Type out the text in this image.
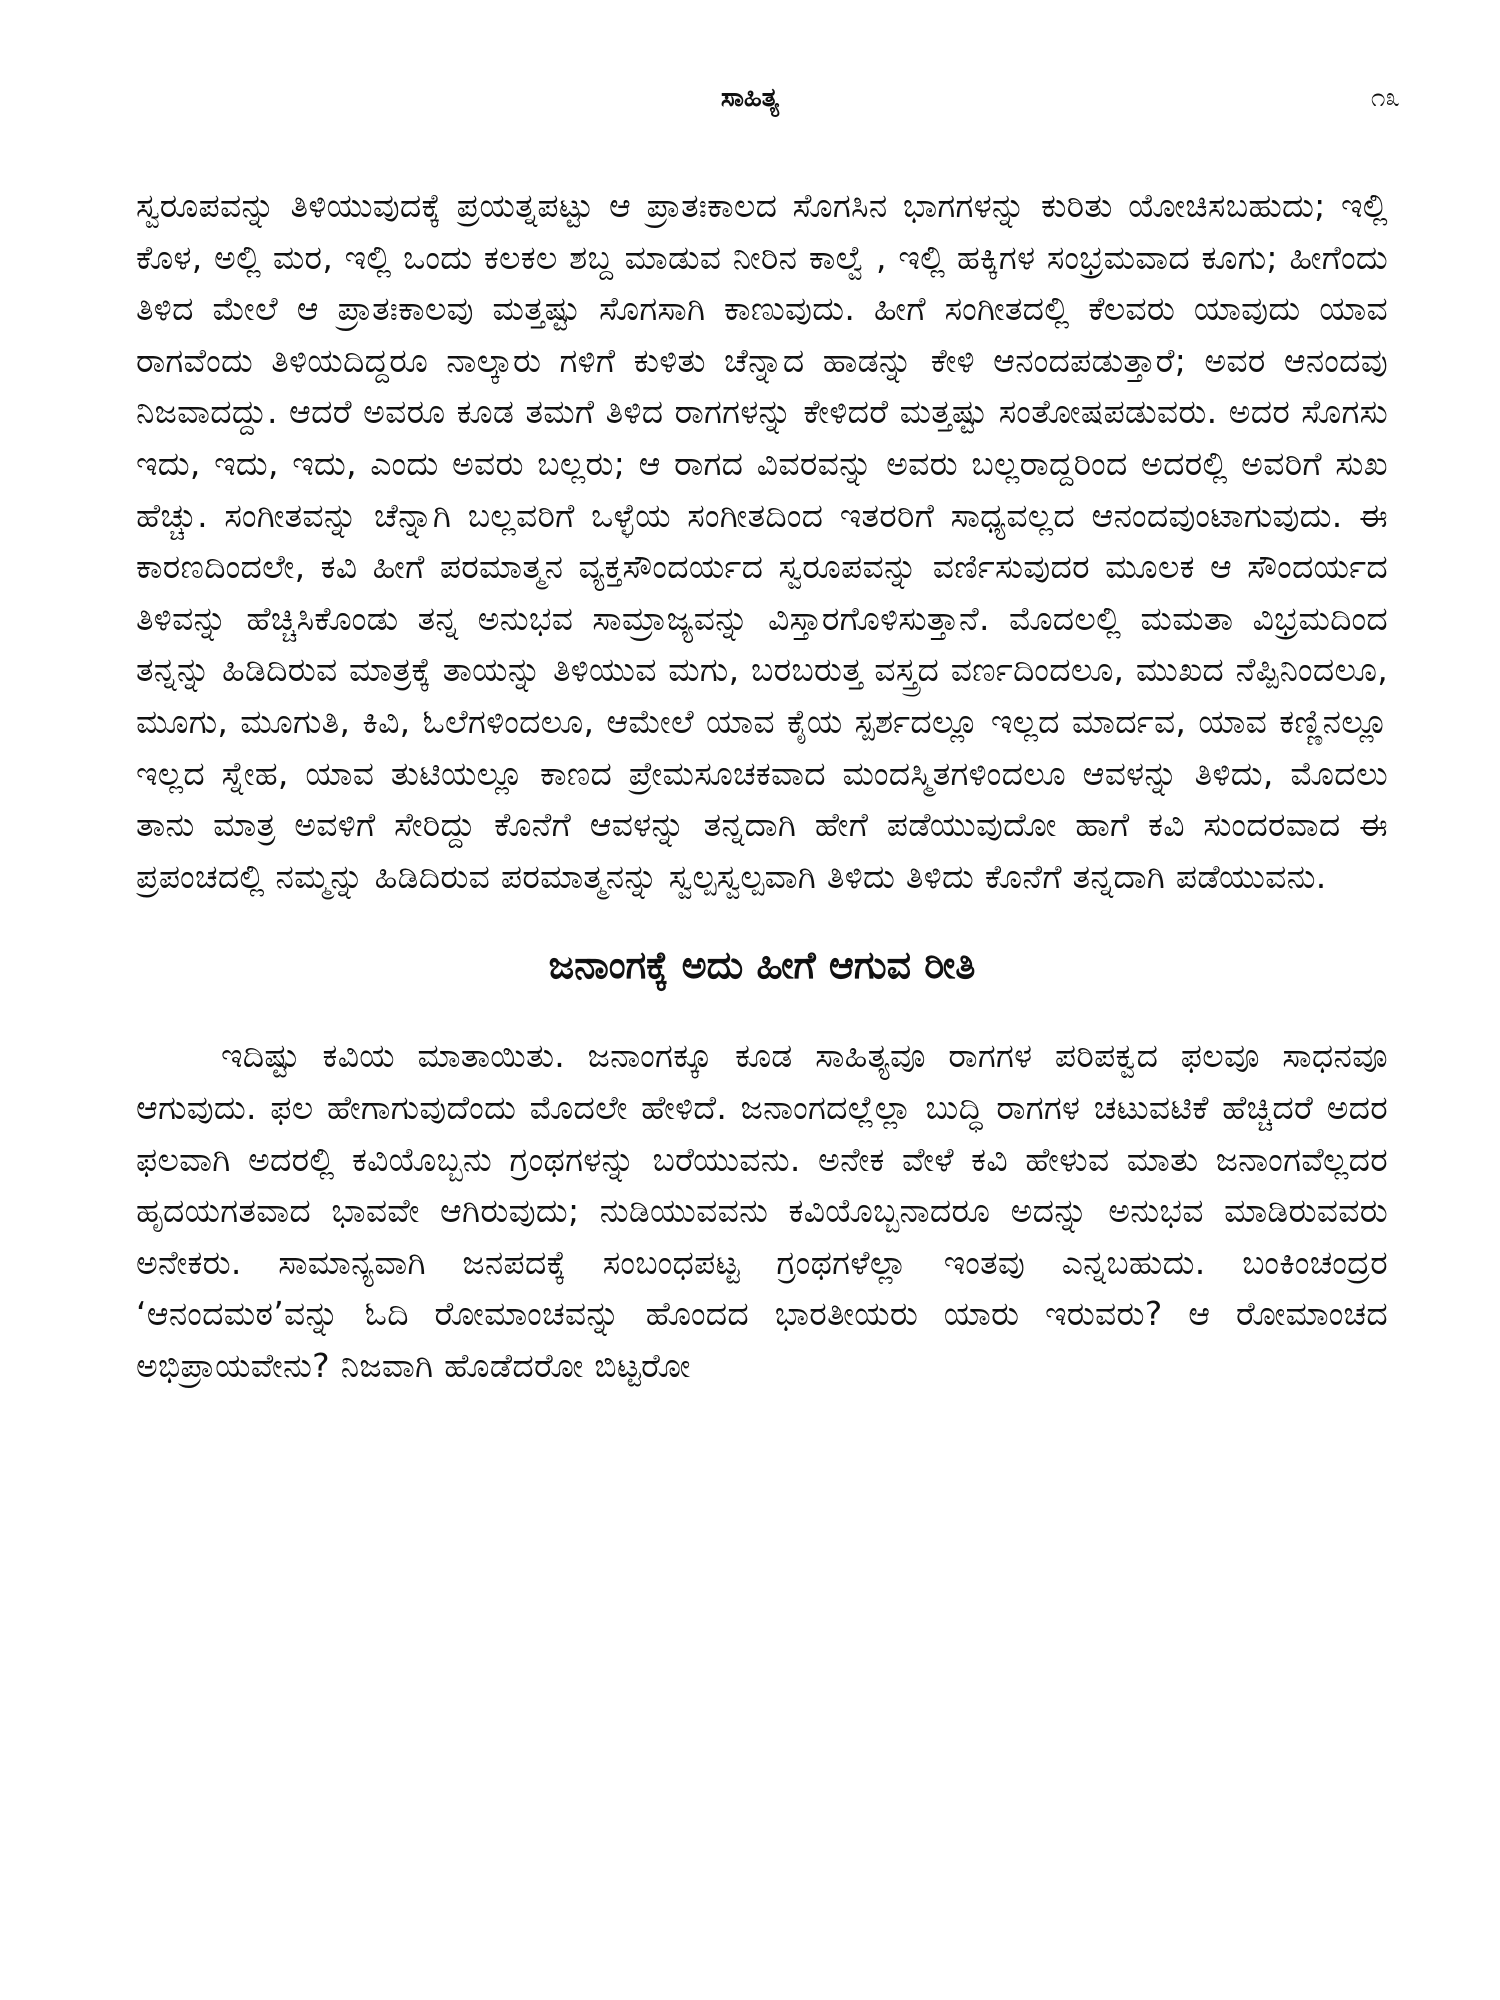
ಸಾಹಿತ್ಯ	೧೩

ಸ್ವರೂಪವನ್ನು ತಿಳಿಯುವುದಕ್ಕೆ ಪ್ರಯತ್ನಪಟ್ಟು ಆ ಪ್ರಾತಃಕಾಲದ ಸೊಗಸಿನ ಭಾಗಗಳನ್ನು ಕುರಿತು ಯೋಚಿಸಬಹುದು; ಇಲ್ಲಿ ಕೊಳ, ಅಲ್ಲಿ ಮರ, ಇಲ್ಲಿ ಒಂದು ಕಲಕಲ ಶಬ್ದ ಮಾಡುವ ನೀರಿನ ಕಾಲ್ವೆ , ಇಲ್ಲಿ ಹಕ್ಕಿಗಳ ಸಂಭ್ರಮವಾದ ಕೂಗು; ಹೀಗೆಂದು ತಿಳಿದ ಮೇಲೆ ಆ ಪ್ರಾತಃಕಾಲವು ಮತ್ತಷ್ಟು ಸೊಗಸಾಗಿ ಕಾಣುವುದು. ಹೀಗೆ ಸಂಗೀತದಲ್ಲಿ ಕೆಲವರು ಯಾವುದು ಯಾವ ರಾಗವೆಂದು ತಿಳಿಯದಿದ್ದರೂ ನಾಲ್ಕಾರು ಗಳಿಗೆ ಕುಳಿತು ಚೆನ್ನಾದ ಹಾಡನ್ನು ಕೇಳಿ ಆನಂದಪಡುತ್ತಾರೆ; ಅವರ ಆನಂದವು ನಿಜವಾದದ್ದು. ಆದರೆ ಅವರೂ ಕೂಡ ತಮಗೆ ತಿಳಿದ ರಾಗಗಳನ್ನು ಕೇಳಿದರೆ ಮತ್ತಷ್ಟು ಸಂತೋಷಪಡುವರು. ಅದರ ಸೊಗಸು ಇದು, ಇದು, ಇದು, ಎಂದು ಅವರು ಬಲ್ಲರು; ಆ ರಾಗದ ವಿವರವನ್ನು ಅವರು ಬಲ್ಲರಾದ್ದರಿಂದ ಅದರಲ್ಲಿ ಅವರಿಗೆ ಸುಖ ಹೆಚ್ಚು. ಸಂಗೀತವನ್ನು ಚೆನ್ನಾಗಿ ಬಲ್ಲವರಿಗೆ ಒಳ್ಳೆಯ ಸಂಗೀತದಿಂದ ಇತರರಿಗೆ ಸಾಧ್ಯವಲ್ಲದ ಆನಂದವುಂಟಾಗುವುದು. ಈ ಕಾರಣದಿಂದಲೇ, ಕವಿ ಹೀಗೆ ಪರಮಾತ್ಮನ ವ್ಯಕ್ತಸೌಂದರ್ಯದ ಸ್ವರೂಪವನ್ನು ವರ್ಣಿಸುವುದರ ಮೂಲಕ ಆ ಸೌಂದರ್ಯದ ತಿಳಿವನ್ನು ಹೆಚ್ಚಿಸಿಕೊಂಡು ತನ್ನ ಅನುಭವ ಸಾಮ್ರಾಜ್ಯವನ್ನು ವಿಸ್ತಾರಗೊಳಿಸುತ್ತಾನೆ. ಮೊದಲಲ್ಲಿ ಮಮತಾ ವಿಭ್ರಮದಿಂದ ತನ್ನನ್ನು ಹಿಡಿದಿರುವ ಮಾತ್ರಕ್ಕೆ ತಾಯನ್ನು ತಿಳಿಯುವ ಮಗು, ಬರಬರುತ್ತ ವಸ್ತ್ರದ ವರ್ಣದಿಂದಲೂ, ಮುಖದ ನೆಪ್ಪಿನಿಂದಲೂ, ಮೂಗು, ಮೂಗುತಿ, ಕಿವಿ, ಓಲೆಗಳಿಂದಲೂ, ಆಮೇಲೆ ಯಾವ ಕೈಯ ಸ್ಪರ್ಶದಲ್ಲೂ ಇಲ್ಲದ ಮಾರ್ದವ, ಯಾವ ಕಣ್ಣಿನಲ್ಲೂ ಇಲ್ಲದ ಸ್ನೇಹ, ಯಾವ ತುಟಿಯಲ್ಲೂ ಕಾಣದ ಪ್ರೇಮಸೂಚಕವಾದ ಮಂದಸ್ಮಿತಗಳಿಂದಲೂ ಆವಳನ್ನು ತಿಳಿದು, ಮೊದಲು ತಾನು ಮಾತ್ರ ಅವಳಿಗೆ ಸೇರಿದ್ದು ಕೊನೆಗೆ ಆವಳನ್ನು ತನ್ನದಾಗಿ ಹೇಗೆ ಪಡೆಯುವುದೋ ಹಾಗೆ ಕವಿ ಸುಂದರವಾದ ಈ ಪ್ರಪಂಚದಲ್ಲಿ ನಮ್ಮನ್ನು ಹಿಡಿದಿರುವ ಪರಮಾತ್ಮನನ್ನು ಸ್ವಲ್ಪಸ್ವಲ್ಪವಾಗಿ ತಿಳಿದು ತಿಳಿದು ಕೊನೆಗೆ ತನ್ನದಾಗಿ ಪಡೆಯುವನು.

ಜನಾಂಗಕ್ಕೆ ಅದು ಹೀಗೆ ಆಗುವ ರೀತಿ

ಇದಿಷ್ಟು ಕವಿಯ ಮಾತಾಯಿತು. ಜನಾಂಗಕ್ಕೂ ಕೂಡ ಸಾಹಿತ್ಯವೂ ರಾಗಗಳ ಪರಿಪಕ್ವದ ಫಲವೂ ಸಾಧನವೂ ಆಗುವುದು. ಫಲ ಹೇಗಾಗುವುದೆಂದು ಮೊದಲೇ ಹೇಳಿದೆ. ಜನಾಂಗದಲ್ಲೆಲ್ಲಾ ಬುದ್ಧಿ ರಾಗಗಳ ಚಟುವಟಿಕೆ ಹೆಚ್ಚಿದರೆ ಅದರ ಫಲವಾಗಿ ಅದರಲ್ಲಿ ಕವಿಯೊಬ್ಬನು ಗ್ರಂಥಗಳನ್ನು ಬರೆಯುವನು. ಅನೇಕ ವೇಳೆ ಕವಿ ಹೇಳುವ ಮಾತು ಜನಾಂಗವೆಲ್ಲದರ ಹೃದಯಗತವಾದ ಭಾವವೇ ಆಗಿರುವುದು; ನುಡಿಯುವವನು ಕವಿಯೊಬ್ಬನಾದರೂ ಅದನ್ನು ಅನುಭವ ಮಾಡಿರುವವರು ಅನೇಕರು. ಸಾಮಾನ್ಯವಾಗಿ ಜನಪದಕ್ಕೆ ಸಂಬಂಧಪಟ್ಟ ಗ್ರಂಥಗಳೆಲ್ಲಾ ಇಂತವು ಎನ್ನಬಹುದು. ಬಂಕಿಂಚಂದ್ರರ ‘ಆನಂದಮಠ’ವನ್ನು ಓದಿ ರೋಮಾಂಚವನ್ನು ಹೊಂದದ ಭಾರತೀಯರು ಯಾರು ಇರುವರು? ಆ ರೋಮಾಂಚದ ಅಭಿಪ್ರಾಯವೇನು? ನಿಜವಾಗಿ ಹೊಡೆದರೋ ಬಿಟ್ಟರೋ
